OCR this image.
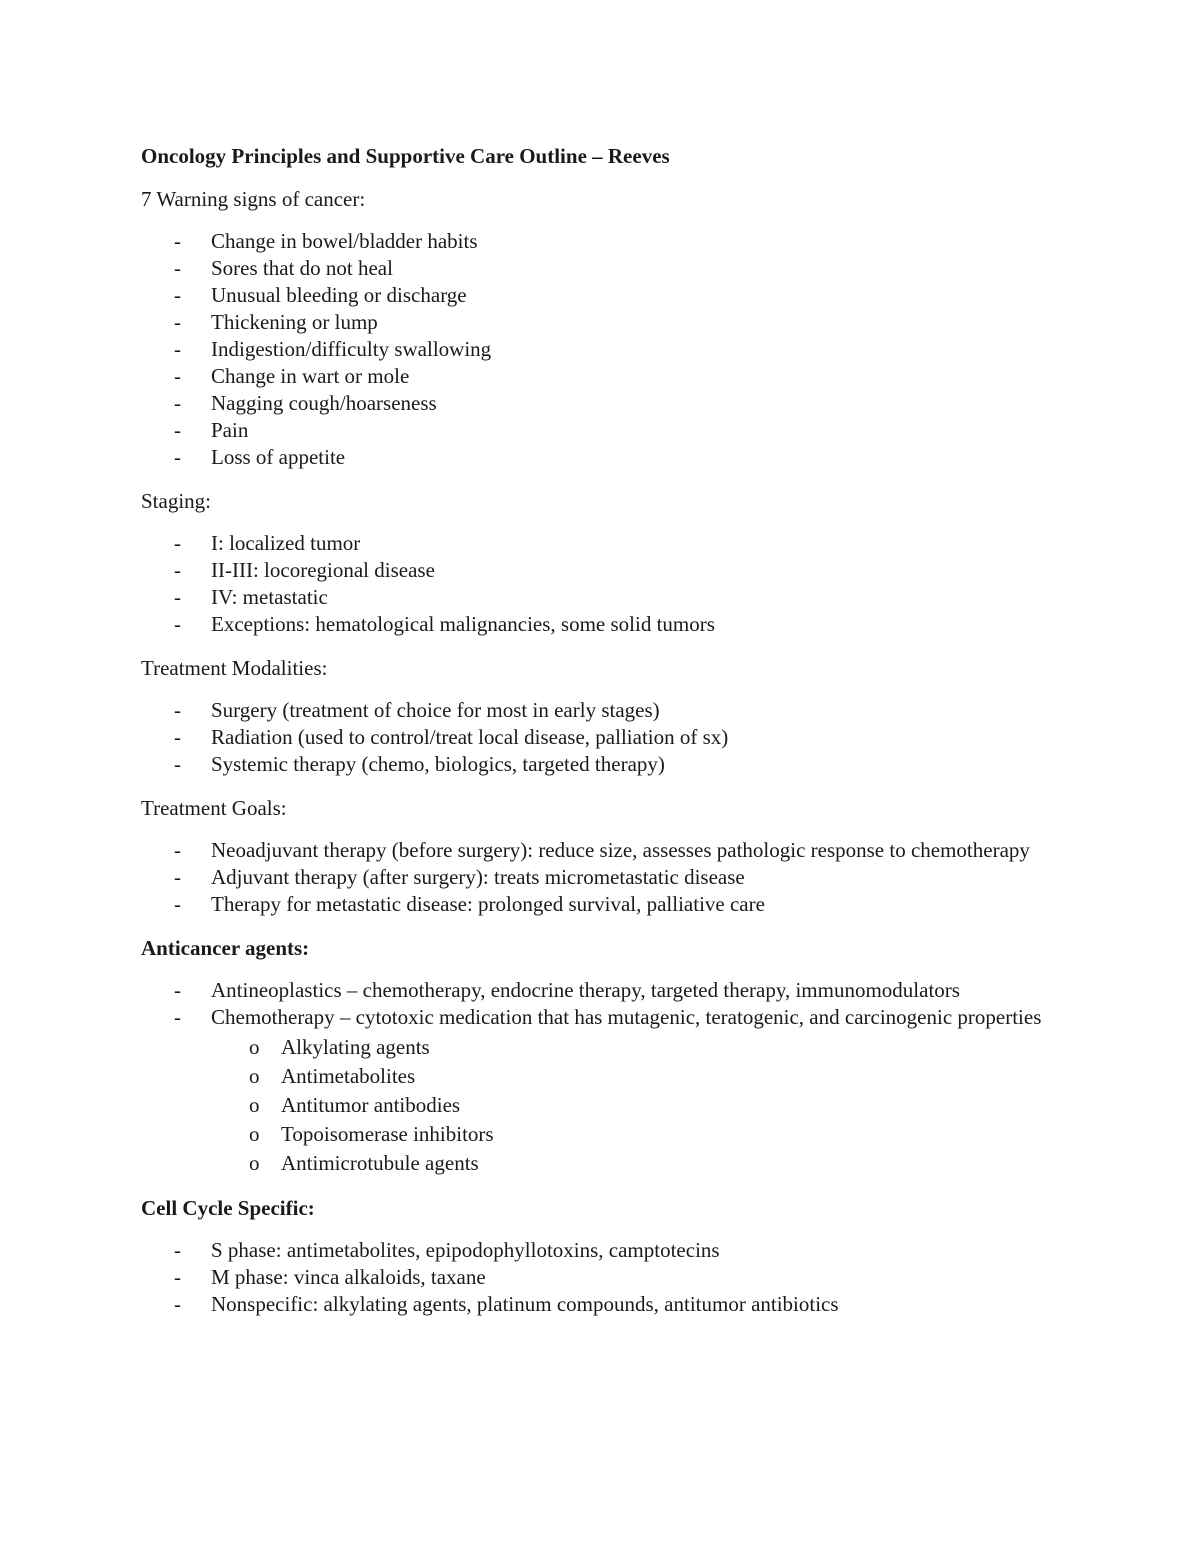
Oncology Principles and Supportive Care Outline – Reeves
7 Warning signs of cancer:
- Change in bowel/bladder habits
- Sores that do not heal
- Unusual bleeding or discharge
- Thickening or lump
- Indigestion/difficulty swallowing
- Change in wart or mole
- Nagging cough/hoarseness
- Pain
- Loss of appetite
Staging:
- I: localized tumor
- II-III: locoregional disease
- IV: metastatic
- Exceptions: hematological malignancies, some solid tumors
Treatment Modalities:
- Surgery (treatment of choice for most in early stages)
- Radiation (used to control/treat local disease, palliation of sx)
- Systemic therapy (chemo, biologics, targeted therapy)
Treatment Goals:
- Neoadjuvant therapy (before surgery): reduce size, assesses pathologic response to chemotherapy
- Adjuvant therapy (after surgery): treats micrometastatic disease
- Therapy for metastatic disease: prolonged survival, palliative care
Anticancer agents:
- Antineoplastics – chemotherapy, endocrine therapy, targeted therapy, immunomodulators
- Chemotherapy – cytotoxic medication that has mutagenic, teratogenic, and carcinogenic properties
o Alkylating agents
o Antimetabolites
o Antitumor antibodies
o Topoisomerase inhibitors
o Antimicrotubule agents
Cell Cycle Specific:
- S phase: antimetabolites, epipodophyllotoxins, camptotecins
- M phase: vinca alkaloids, taxane
- Nonspecific: alkylating agents, platinum compounds, antitumor antibiotics
